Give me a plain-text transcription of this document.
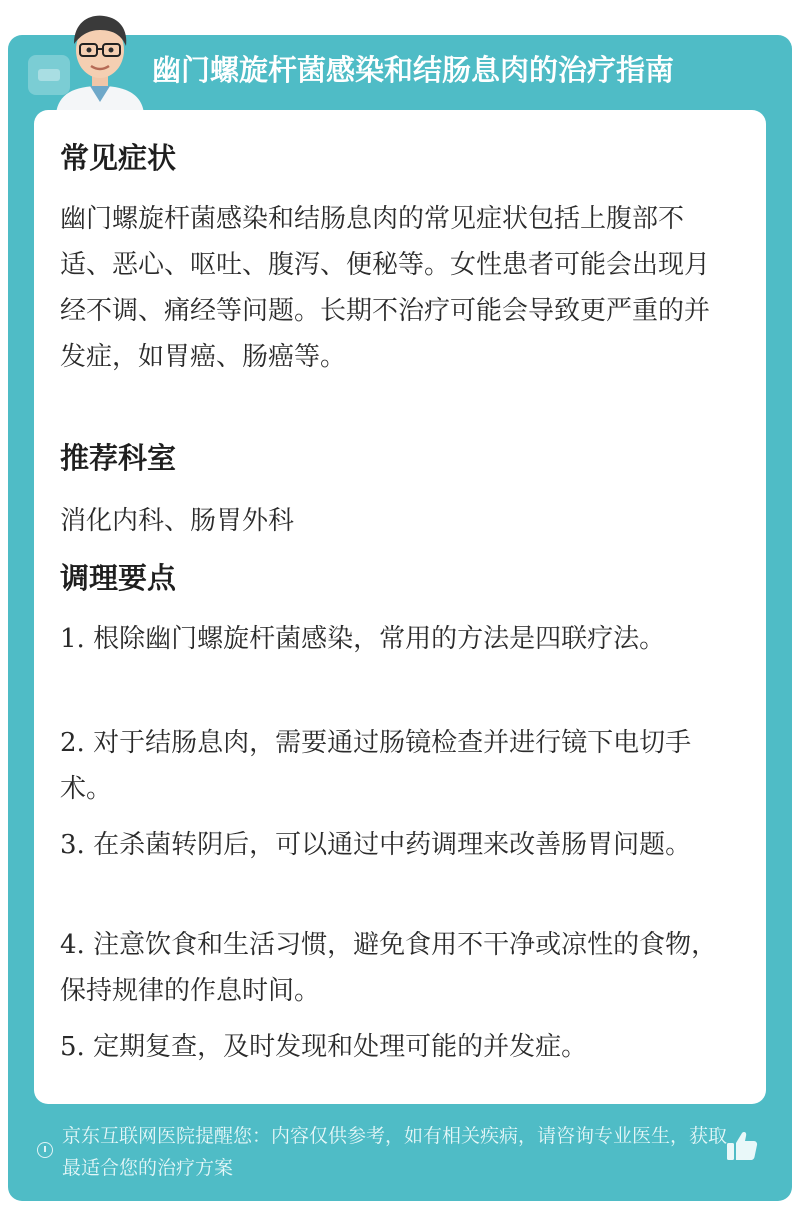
幽门螺旋杆菌感染和结肠息肉的治疗指南
常见症状

幽门螺旋杆菌感染和结肠息肉的常见症状包括上腹部不适、恶心、呕吐、腹泻、便秘等。女性患者可能会出现月经不调、痛经等问题。长期不治疗可能会导致更严重的并发症，如胃癌、肠癌等。

推荐科室

消化内科、肠胃外科

调理要点

1. 根除幽门螺旋杆菌感染，常用的方法是四联疗法。

2. 对于结肠息肉，需要通过肠镜检查并进行镜下电切手术。

3. 在杀菌转阴后，可以通过中药调理来改善肠胃问题。

4. 注意饮食和生活习惯，避免食用不干净或凉性的食物，保持规律的作息时间。

5. 定期复查，及时发现和处理可能的并发症。

京东互联网医院提醒您：内容仅供参考，如有相关疾病，请咨询专业医生，获取最适合您的治疗方案
